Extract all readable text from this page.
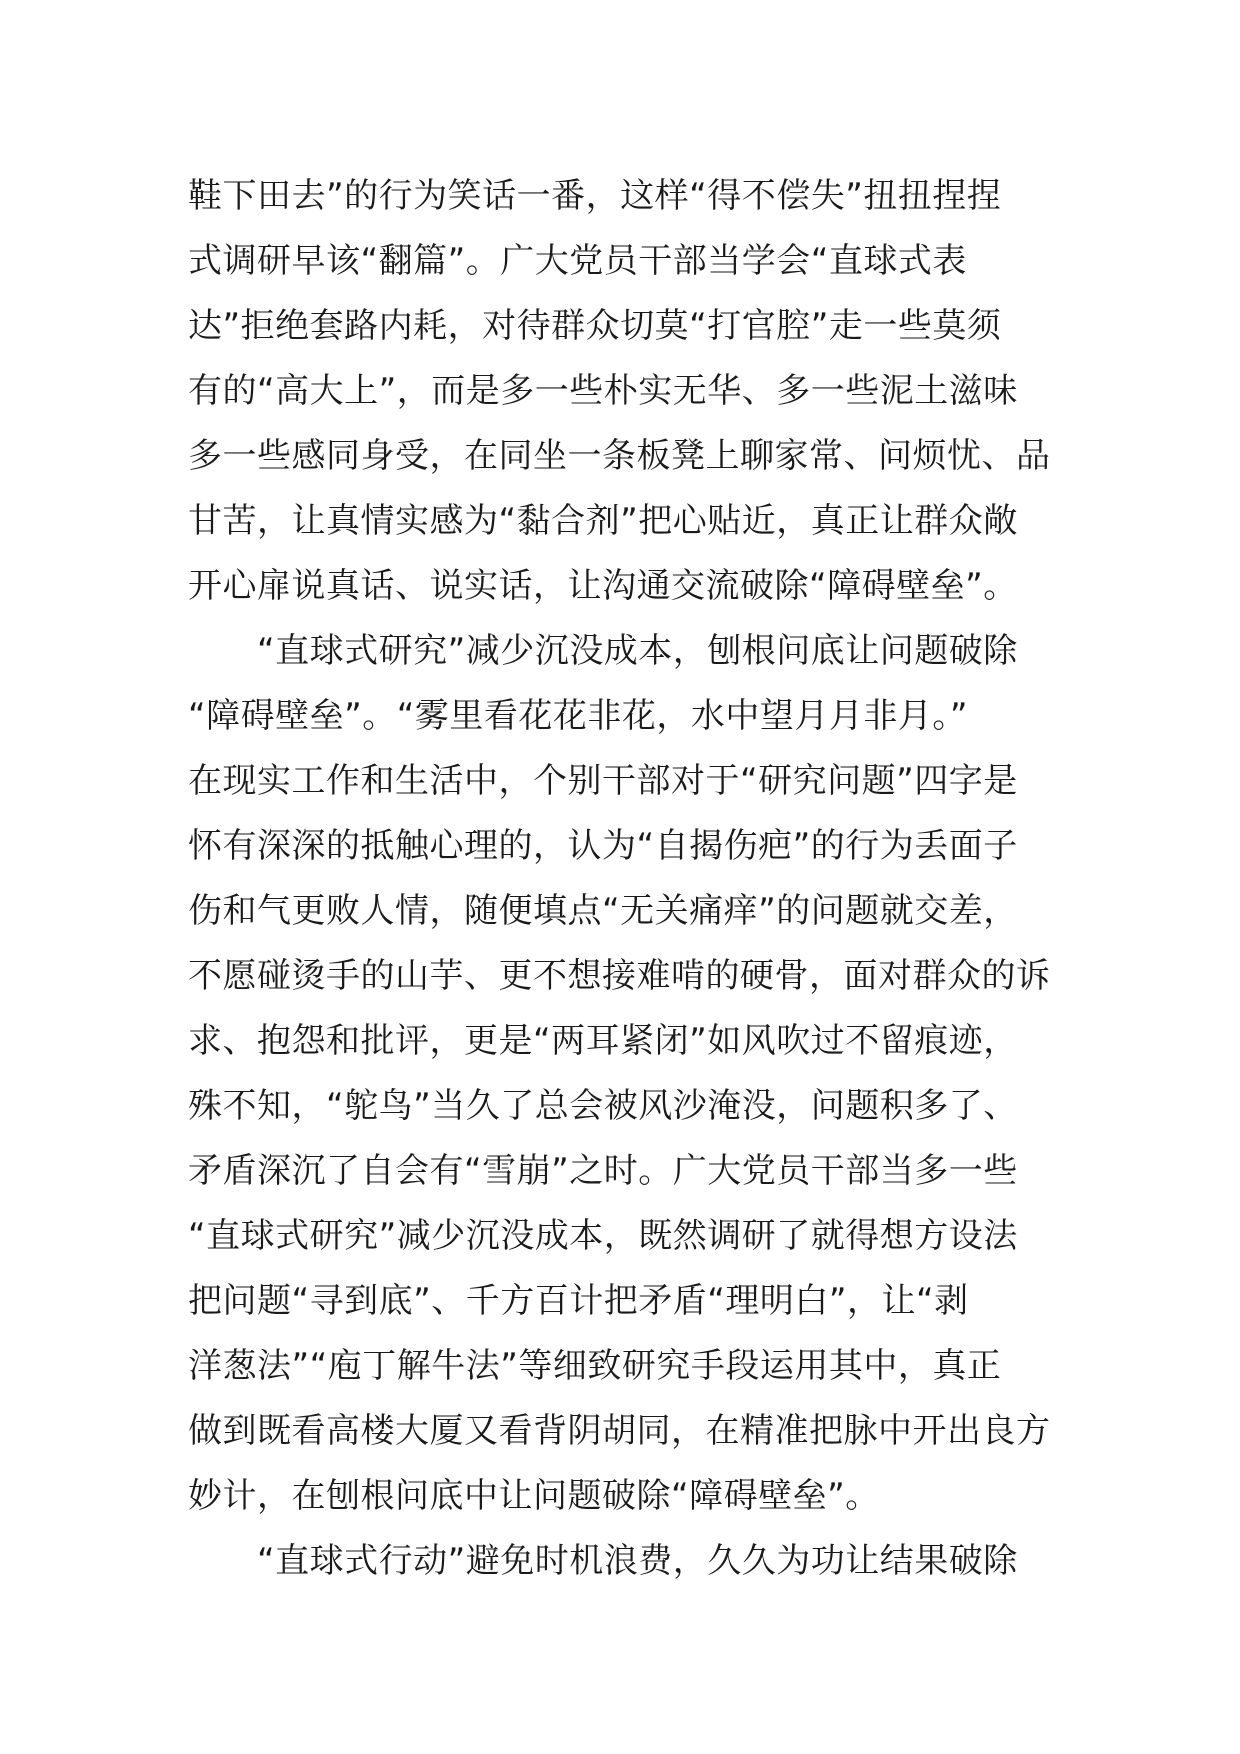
鞋下田去”的行为笑话一番，这样“得不偿失”扭扭捏捏
式调研早该“翻篇”。广大党员干部当学会“直球式表
达”拒绝套路内耗，对待群众切莫“打官腔”走一些莫须
有的“高大上”，而是多一些朴实无华、多一些泥土滋味
多一些感同身受，在同坐一条板凳上聊家常、问烦忧、品
甘苦，让真情实感为“黏合剂”把心贴近，真正让群众敞
开心扉说真话、说实话，让沟通交流破除“障碍壁垒”。
　　“直球式研究”减少沉没成本，刨根问底让问题破除
“障碍壁垒”。“雾里看花花非花，水中望月月非月。”
在现实工作和生活中，个别干部对于“研究问题”四字是
怀有深深的抵触心理的，认为“自揭伤疤”的行为丢面子
伤和气更败人情，随便填点“无关痛痒”的问题就交差，
不愿碰烫手的山芋、更不想接难啃的硬骨，面对群众的诉
求、抱怨和批评，更是“两耳紧闭”如风吹过不留痕迹，
殊不知，“鸵鸟”当久了总会被风沙淹没，问题积多了、
矛盾深沉了自会有“雪崩”之时。广大党员干部当多一些
“直球式研究”减少沉没成本，既然调研了就得想方设法
把问题“寻到底”、千方百计把矛盾“理明白”，让“剥
洋葱法”“庖丁解牛法”等细致研究手段运用其中，真正
做到既看高楼大厦又看背阴胡同，在精准把脉中开出良方
妙计，在刨根问底中让问题破除“障碍壁垒”。
　　“直球式行动”避免时机浪费，久久为功让结果破除
